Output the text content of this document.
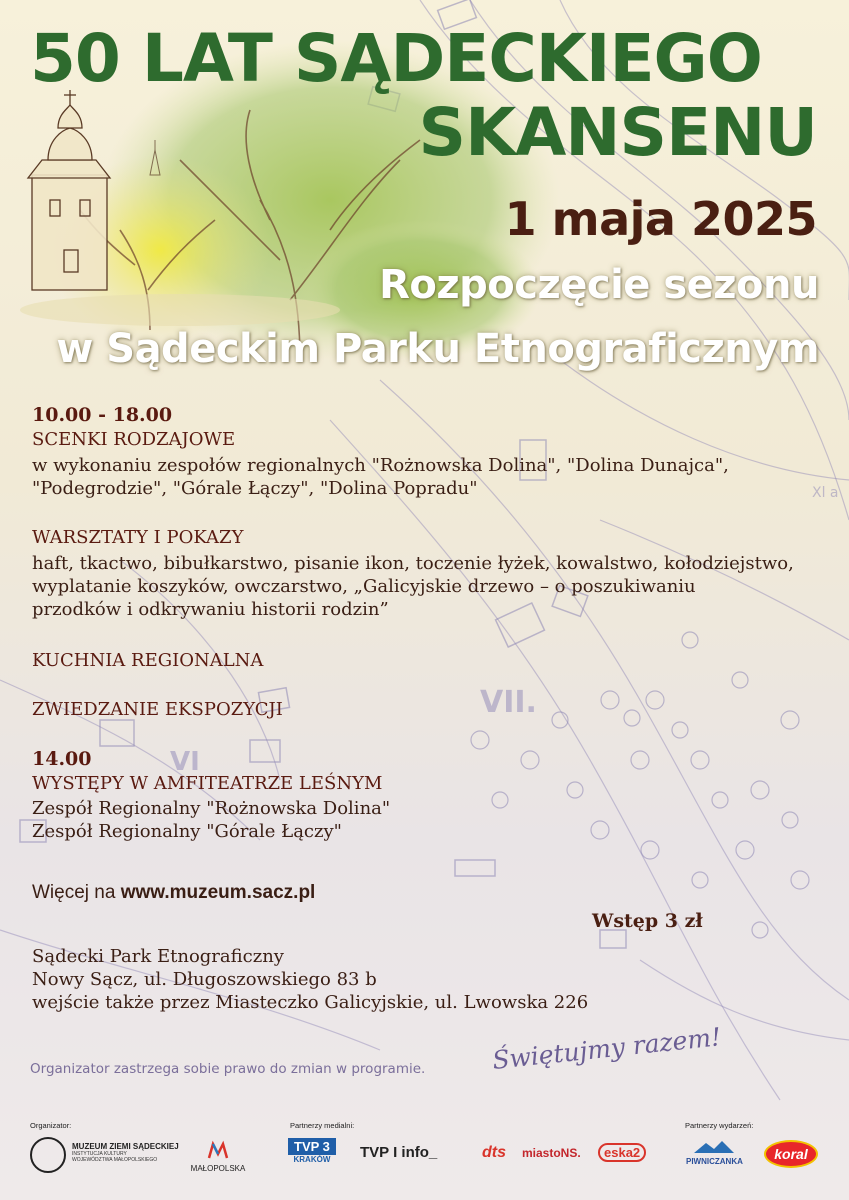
VII.
VI
Xl a
50 LAT SĄDECKIEGO
SKANSENU
1 maja 2025
Rozpoczęcie sezonu
w Sądeckim Parku Etnograficznym

10.00 - 18.00

SCENKI RODZAJOWE

w wykonaniu zespołów regionalnych "Rożnowska Dolina", "Dolina Dunajca",

"Podegrodzie", "Górale Łączy", "Dolina Popradu"

WARSZTATY I POKAZY

haft, tkactwo, bibułkarstwo, pisanie ikon, toczenie łyżek, kowalstwo, kołodziejstwo,

wyplatanie koszyków, owczarstwo, „Galicyjskie drzewo – o poszukiwaniu

przodków i odkrywaniu historii rodzin”

KUCHNIA REGIONALNA

ZWIEDZANIE EKSPOZYCJI

14.00

WYSTĘPY W AMFITEATRZE LEŚNYM

Zespół Regionalny "Rożnowska Dolina"

Zespół Regionalny "Górale Łączy"

Więcej na www.muzeum.sacz.pl

Wstęp 3 zł

Sądecki Park Etnograficzny

Nowy Sącz, ul. Długoszowskiego 83 b

wejście także przez Miasteczko Galicyjskie, ul. Lwowska 226

Organizator zastrzega sobie prawo do zmian w programie.	Świętujmy razem!

Organizator:	Partnerzy medialni:	Partnerzy wydarzeń:

MUZEUM ZIEMI SĄDECKIEJ
INSTYTUCJA KULTURY
WOJEWÓDZTWA MAŁOPOLSKIEGO
MAŁOPOLSKA
TVP 3
KRAKÓW	TVP I info_	dts miastoNS.	eska2
PIWNICZANKA	koral
